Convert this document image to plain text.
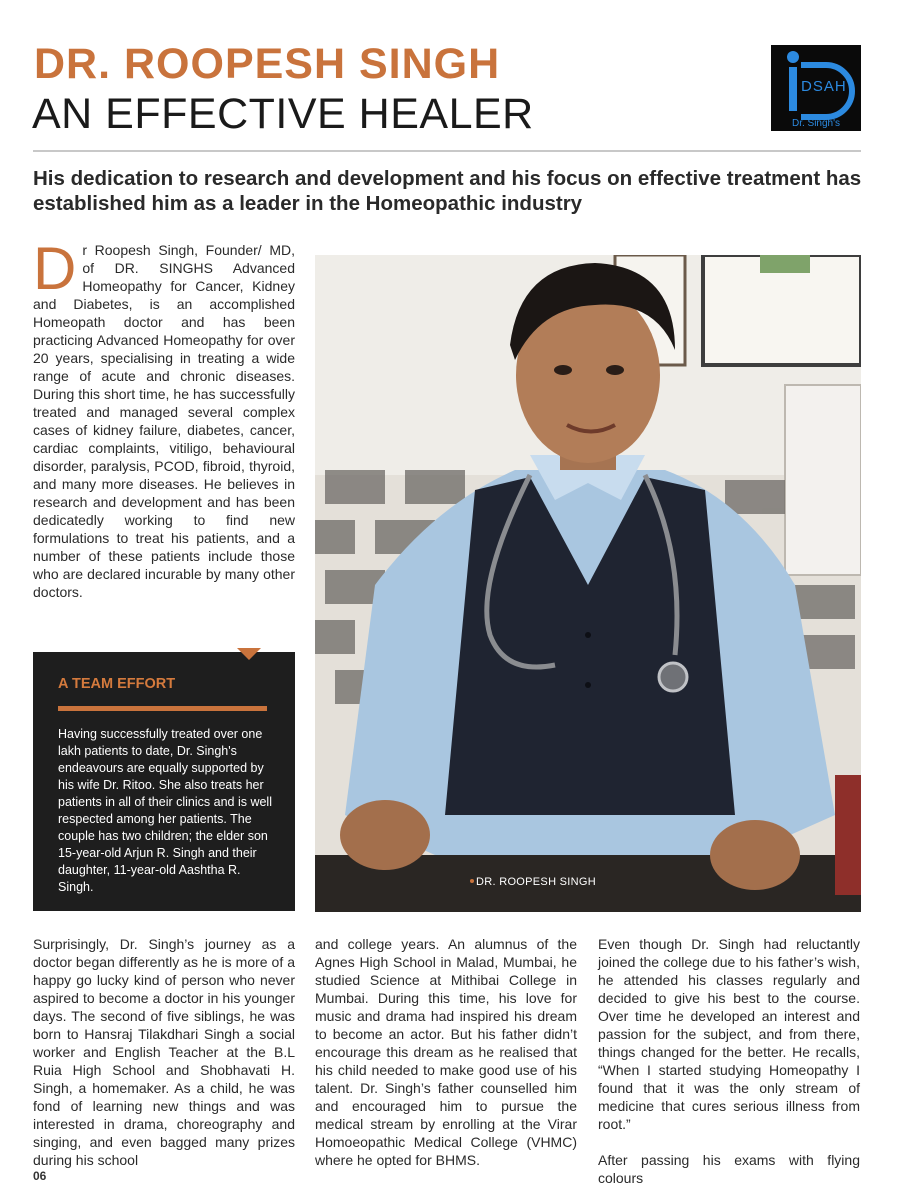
DR. ROOPESH SINGH
AN EFFECTIVE HEALER
DSAH
Dr. Singh's
His dedication to research and development and his focus on effective treatment has established him as a leader in the Homeopathic industry
D r Roopesh Singh, Founder/ MD, of DR. SINGHS Advanced Homeopathy for Cancer, Kidney and Diabetes, is an accomplished Homeopath doctor and has been practicing Advanced Homeopathy for over 20 years, specialising in treating a wide range of acute and chronic diseases. During this short time, he has successfully treated and managed several complex cases of kidney failure, diabetes, cancer, cardiac complaints, vitiligo, behavioural disorder, paralysis, PCOD, fibroid, thyroid, and many more diseases. He believes in research and development and has been dedicatedly working to find new formulations to treat his patients, and a number of these patients include those who are declared incurable by many other doctors.
DR. ROOPESH SINGH
A TEAM EFFORT
Having successfully treated over one lakh patients to date, Dr. Singh's endeavours are equally supported by his wife Dr. Ritoo. She also treats her patients in all of their clinics and is well respected among her patients. The couple has two children; the elder son 15-year-old Arjun R. Singh and their daughter, 11-year-old Aashtha R. Singh.
Surprisingly, Dr. Singh’s journey as a doctor began differently as he is more of a happy go lucky kind of person who never aspired to become a doctor in his younger days. The second of five siblings, he was born to Hansraj Tilakdhari Singh a social worker and English Teacher at the B.L Ruia High School and Shobhavati H. Singh, a homemaker. As a child, he was fond of learning new things and was interested in drama, choreography and singing, and even bagged many prizes during his school
and college years. An alumnus of the Agnes High School in Malad, Mumbai, he studied Science at Mithibai College in Mumbai. During this time, his love for music and drama had inspired his dream to become an actor. But his father didn’t encourage this dream as he realised that his child needed to make good use of his talent. Dr. Singh’s father counselled him and encouraged him to pursue the medical stream by enrolling at the Virar Homoeopathic Medical College (VHMC) where he opted for BHMS.
Even though Dr. Singh had reluctantly joined the college due to his father’s wish, he attended his classes regularly and decided to give his best to the course. Over time he developed an interest and passion for the subject, and from there, things changed for the better. He recalls, “When I started studying Homeopathy I found that it was the only stream of medicine that cures serious illness from root.”
After passing his exams with flying colours
06
